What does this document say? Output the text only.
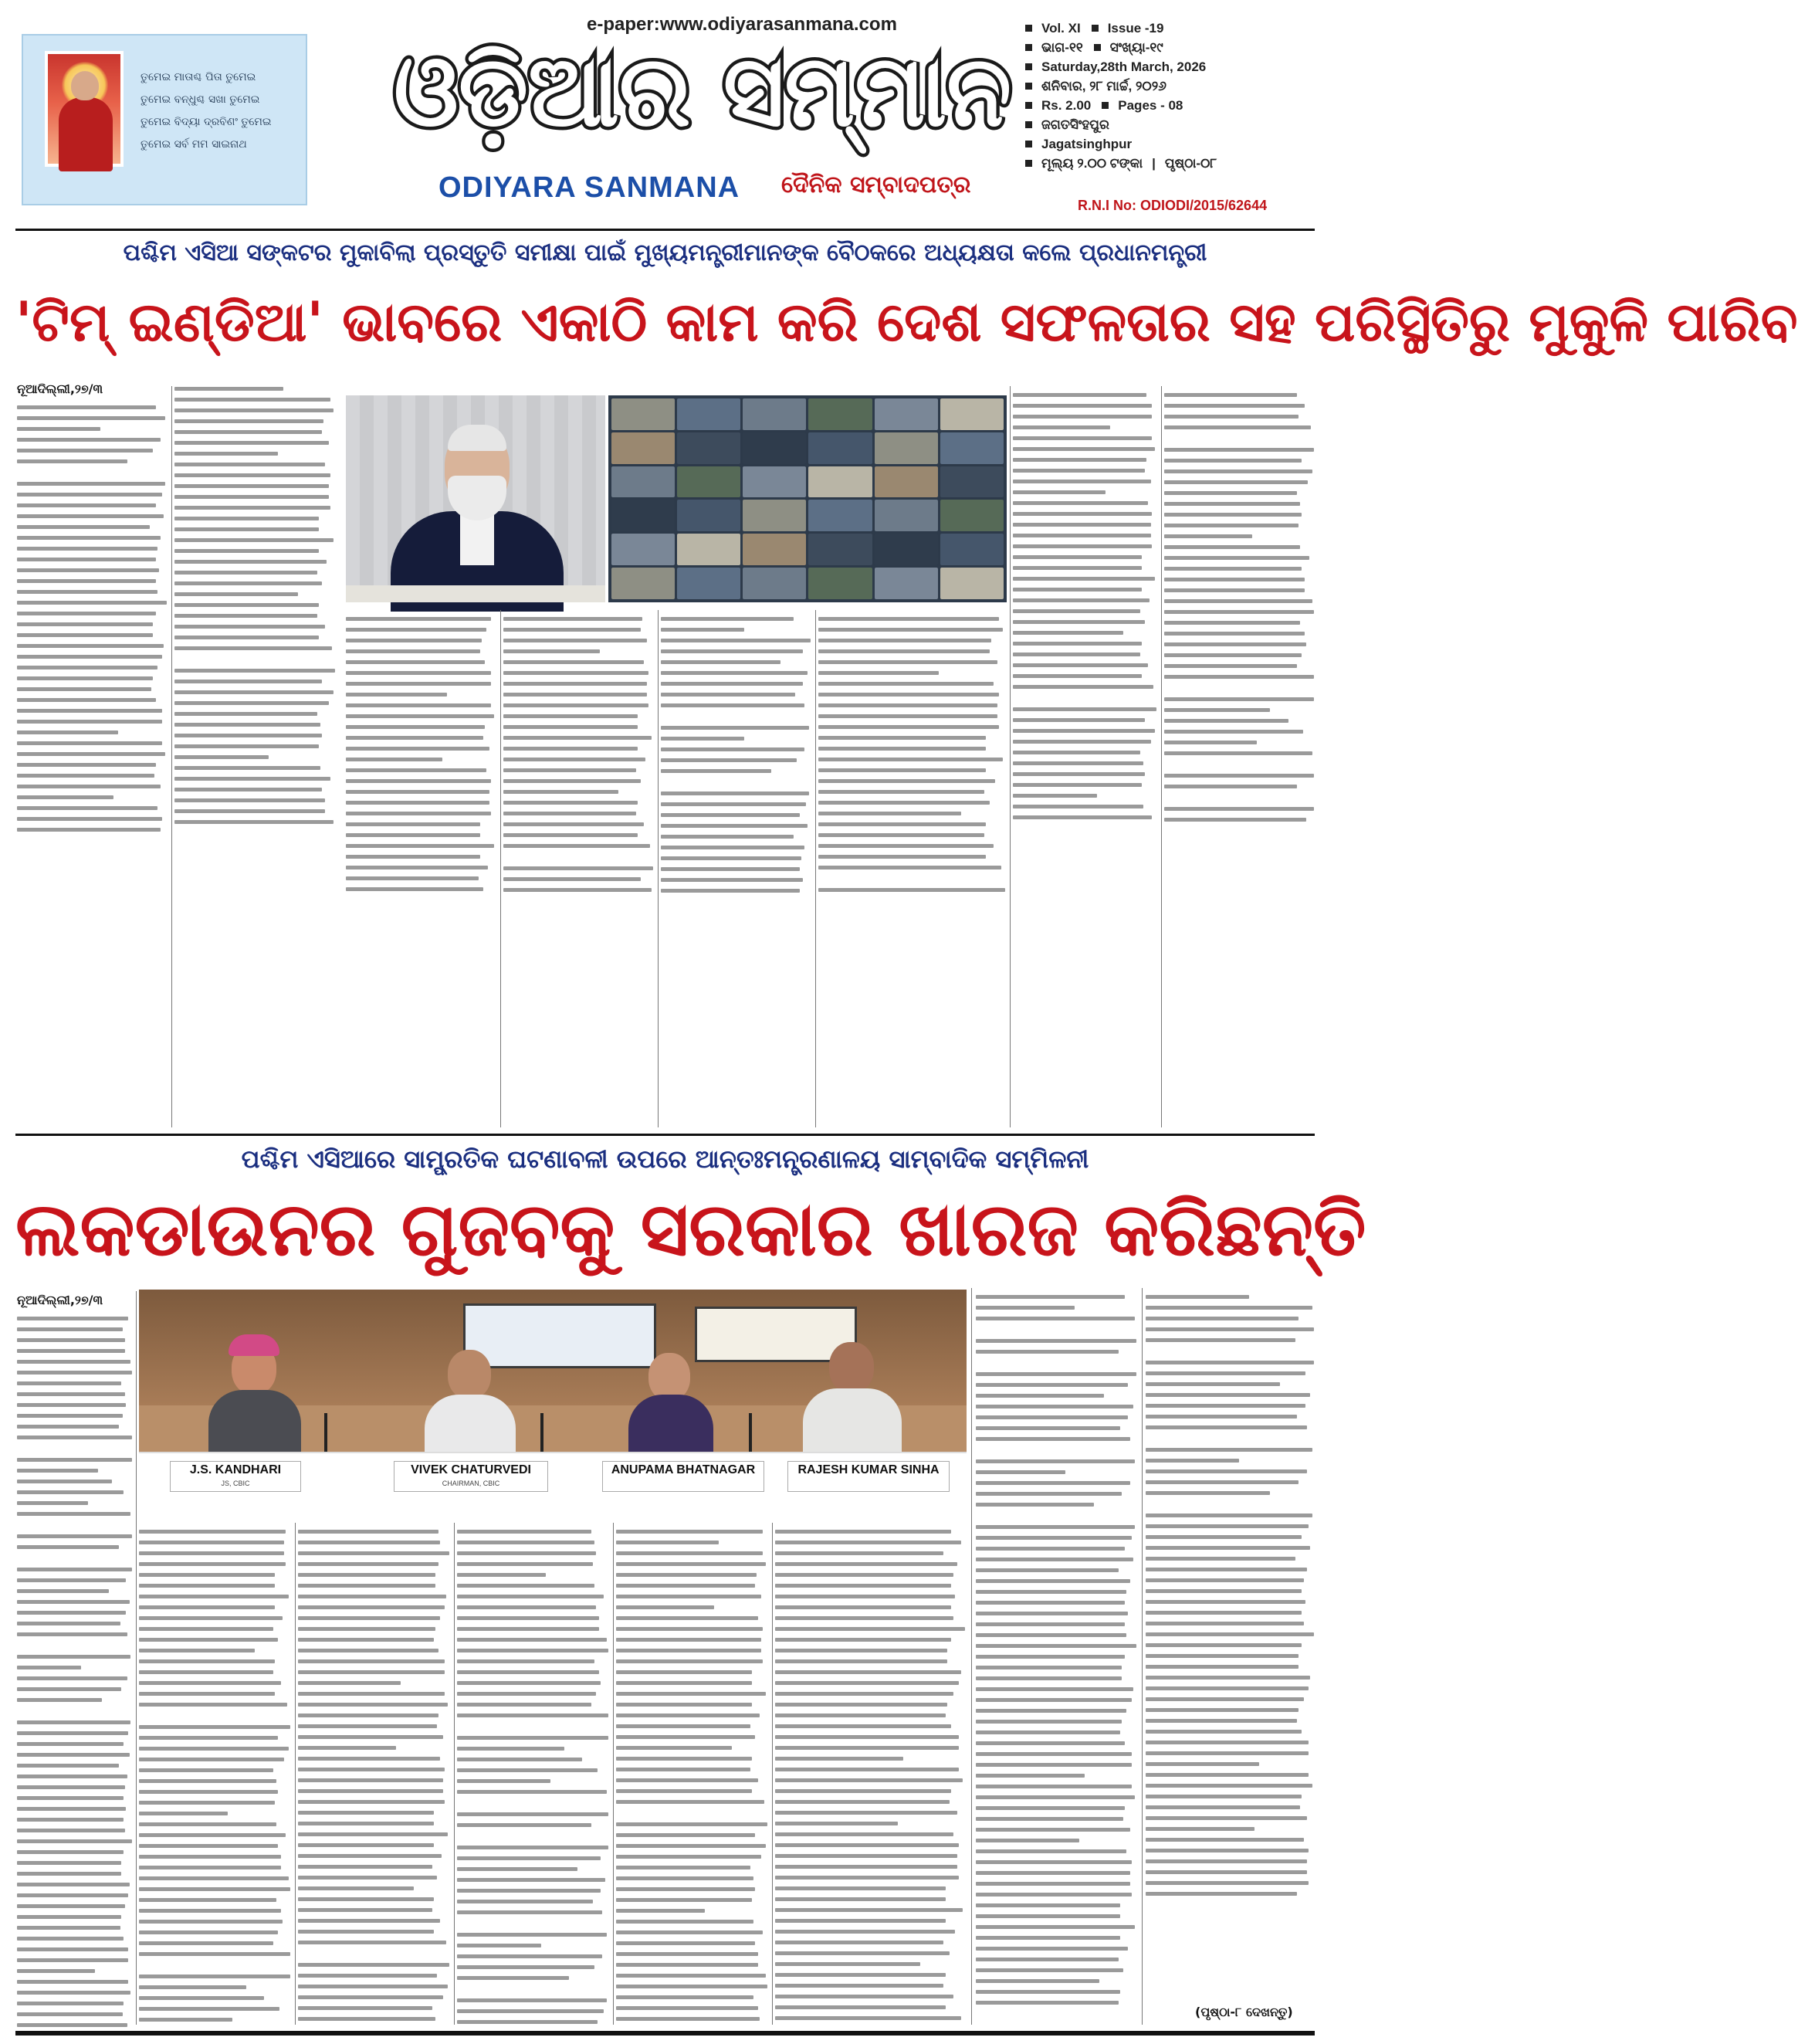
ତୁମେଇ ମାତାଶ୍ଚ ପିତା ତୁମେଇ
ତୁମେଇ ବନ୍ଧୁଶ୍ଚ ସଖା ତୁମେଇ
ତୁମେଇ ବିଦ୍ୟା ଦ୍ରବିଣଂ ତୁମେଇ
ତୁମେଇ ସର୍ବ ମମ ସାଇନାଥ
e-paper:www.odiyarasanmana.com
ଓଡ଼ିଆର ସମ୍ମାନ
ODIYARA SANMANA ଦୈନିକ ସମ୍ବାଦପତ୍ର
Vol. XI Issue -19
ଭାଗ-୧୧ ସଂଖ୍ୟା-୧୯
Saturday,28th March, 2026
ଶନିବାର, ୨୮ ମାର୍ଚ୍ଚ, ୨୦୨୬
Rs. 2.00 Pages - 08
ଜଗତସିଂହପୁର
Jagatsinghpur
ମୂଲ୍ୟ ୨.୦୦ ଟଙ୍କା | ପୃଷ୍ଠା-୦୮
R.N.I No: ODIODI/2015/62644
ପଶ୍ଚିମ ଏସିଆ ସଙ୍କଟର ମୁକାବିଲା ପ୍ରସ୍ତୁତି ସମୀକ୍ଷା ପାଇଁ ମୁଖ୍ୟମନ୍ତ୍ରୀମାନଙ୍କ ବୈଠକରେ ଅଧ୍ୟକ୍ଷତା କଲେ ପ୍ରଧାନମନ୍ତ୍ରୀ
'ଟିମ୍ ଇଣ୍ଡିଆ' ଭାବରେ ଏକାଠି କାମ କରି ଦେଶ ସଫଳତାର ସହ ପରିସ୍ଥିତିରୁ ମୁକୁଳି ପାରିବ
ନୂଆଦିଲ୍ଲୀ,୨୭/୩
ପଶ୍ଚିମ ଏସିଆରେ ସାମ୍ପ୍ରତିକ ଘଟଣାବଳୀ ଉପରେ ଆନ୍ତଃମନ୍ତ୍ରଣାଳୟ ସାମ୍ବାଦିକ ସମ୍ମିଳନୀ
ଲକଡାଉନର ଗୁଜବକୁ ସରକାର ଖାରଜ କରିଛନ୍ତି
ନୂଆଦିଲ୍ଲୀ,୨୭/୩
J.S. KANDHARI
JS, CBIC
VIVEK CHATURVEDI
CHAIRMAN, CBIC
ANUPAMA BHATNAGAR	RAJESH KUMAR SINHA
(ପୃଷ୍ଠା-୮ ଦେଖନ୍ତୁ)
